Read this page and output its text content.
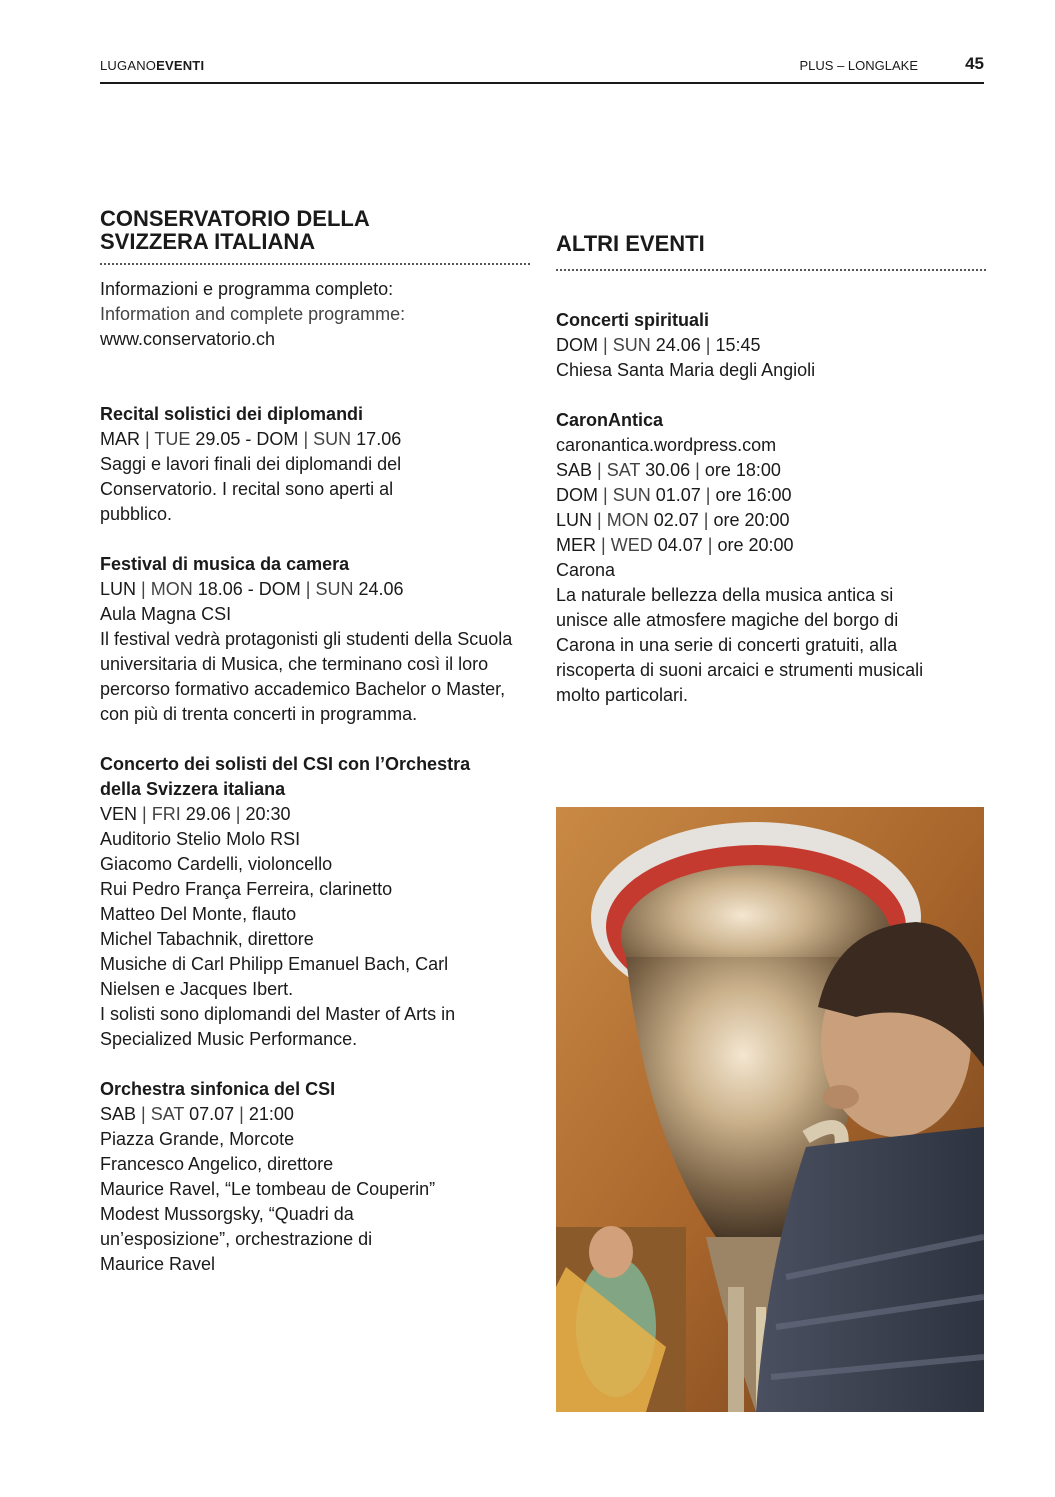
LUGANOEVENTI	PLUS – LONGLAKE	45
CONSERVATORIO DELLA
SVIZZERA ITALIANA
Informazioni e programma completo:
Information and complete programme:
www.conservatorio.ch
Recital solistici dei diplomandi
MAR | TUE 29.05 - DOM | SUN 17.06
Saggi e lavori finali dei diplomandi del Conservatorio. I recital sono aperti al pubblico.
Festival di musica da camera
LUN | MON 18.06 - DOM | SUN 24.06
Aula Magna CSI
Il festival vedrà protagonisti gli studenti della Scuola universitaria di Musica, che terminano così il loro percorso formativo accademico Bachelor o Master, con più di trenta concerti in programma.
Concerto dei solisti del CSI con l’Orchestra
della Svizzera italiana
VEN | FRI 29.06 | 20:30
Auditorio Stelio Molo RSI
Giacomo Cardelli, violoncello
Rui Pedro França Ferreira, clarinetto
Matteo Del Monte, flauto
Michel Tabachnik, direttore
Musiche di Carl Philipp Emanuel Bach, Carl
Nielsen e Jacques Ibert.
I solisti sono diplomandi del Master of Arts in
Specialized Music Performance.
Orchestra sinfonica del CSI
SAB | SAT 07.07 | 21:00
Piazza Grande, Morcote
Francesco Angelico, direttore
Maurice Ravel, “Le tombeau de Couperin”
Modest Mussorgsky, “Quadri da
un’esposizione”, orchestrazione di
Maurice Ravel
ALTRI EVENTI
Concerti spirituali
DOM | SUN 24.06 | 15:45
Chiesa Santa Maria degli Angioli
CaronAntica
caronantica.wordpress.com
SAB | SAT 30.06 | ore 18:00
DOM | SUN 01.07 | ore 16:00
LUN | MON 02.07 | ore 20:00
MER | WED 04.07 | ore 20:00
Carona
La naturale bellezza della musica antica si
unisce alle atmosfere magiche del borgo di
Carona in una serie di concerti gratuiti, alla
riscoperta di suoni arcaici e strumenti musicali
molto particolari.
